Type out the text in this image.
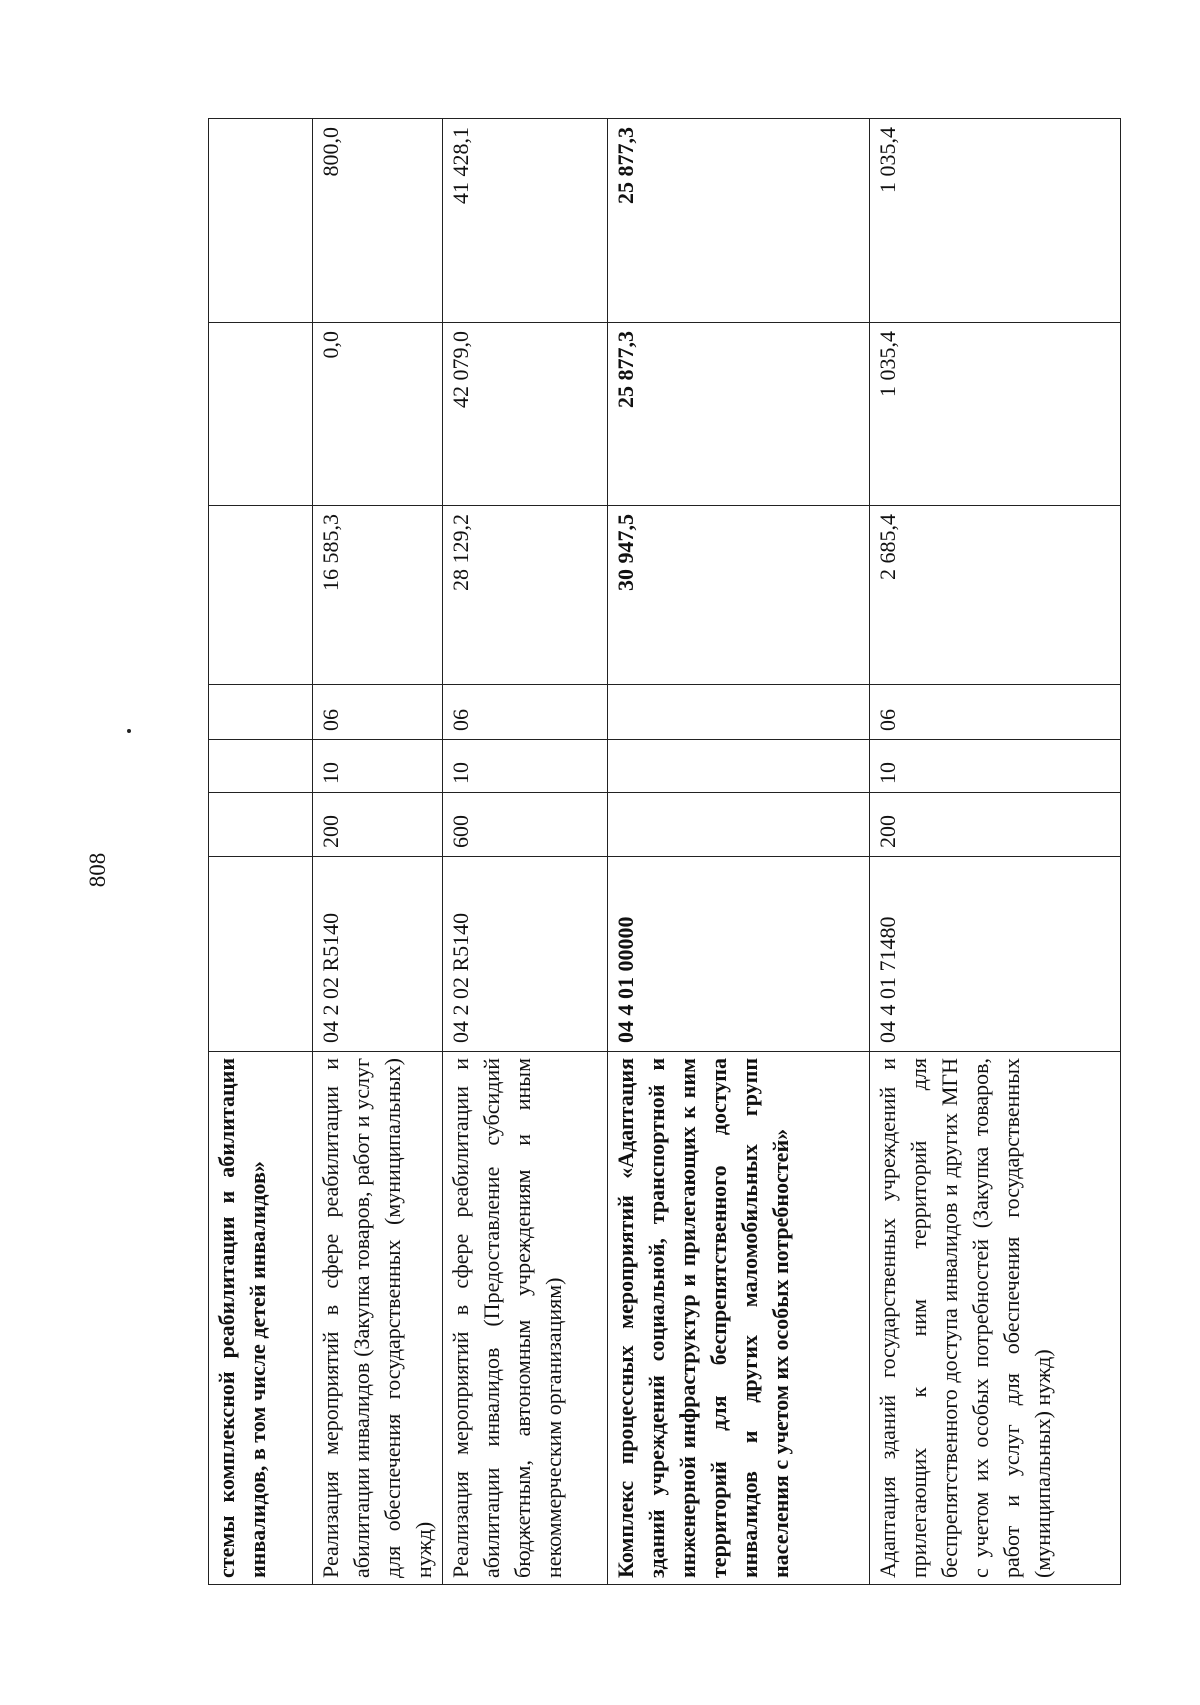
808
стемы комплексной реабилитации и абилитации инвалидов, в том числе детей инвалидов»							
Реализация мероприятий в сфере реабилитации и абилитации инвалидов (Закупка товаров, работ и услуг для обеспечения государственных (муниципальных) нужд)	04 2 02 R5140	200	10	06	16 585,3	0,0	800,0
Реализация мероприятий в сфере реабилитации и абилитации инвалидов (Предоставление субсидий бюджетным, автономным учреждениям и иным некоммерческим организациям)	04 2 02 R5140	600	10	06	28 129,2	42 079,0	41 428,1
Комплекс процессных мероприятий «Адаптация зданий учреждений социальной, транспортной и инженерной инфраструктур и прилегающих к ним территорий для беспрепятственного доступа инвалидов и других маломобильных групп населения с учетом их особых потребностей»	04 4 01 00000				30 947,5	25 877,3	25 877,3
Адаптация зданий государственных учреждений и прилегающих к ним территорий для беспрепятственного доступа инвалидов и других МГН с учетом их особых потребностей (Закупка товаров, работ и услуг для обеспечения государственных (муниципальных) нужд)	04 4 01 71480	200	10	06	2 685,4	1 035,4	1 035,4
